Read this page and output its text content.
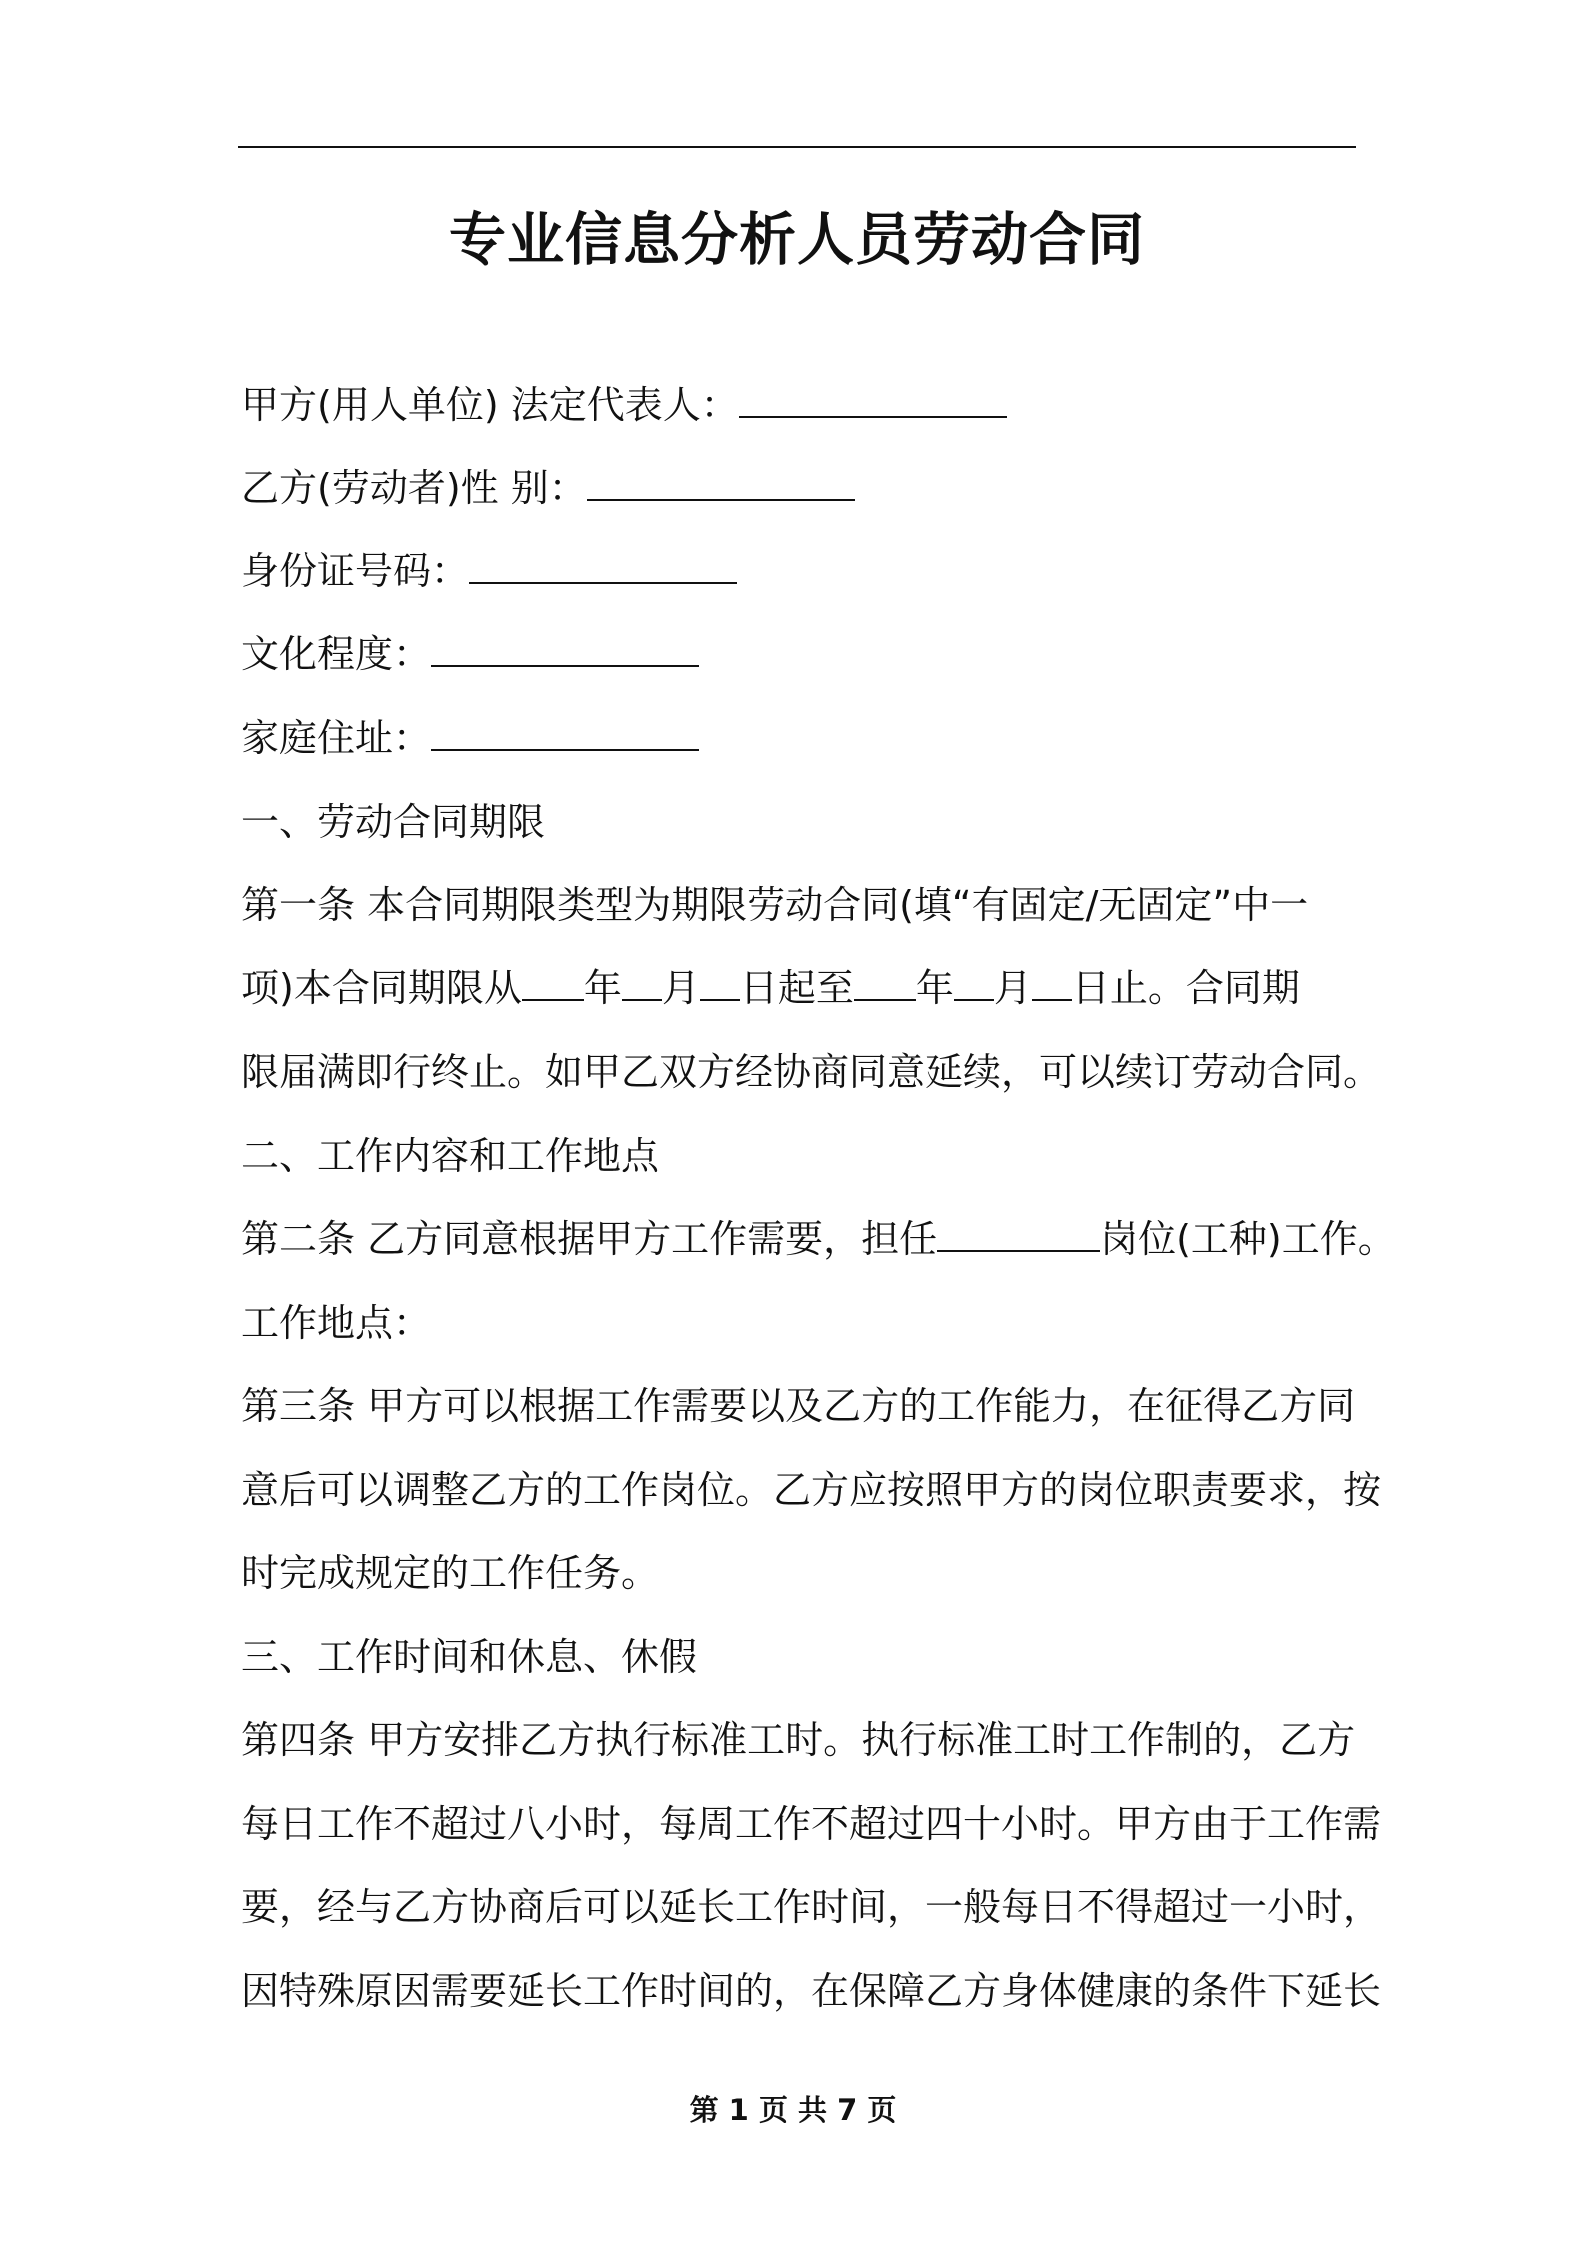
专业信息分析人员劳动合同
甲方(用人单位) 法定代表人：
乙方(劳动者)性 别：
身份证号码：
文化程度：
家庭住址：
一、劳动合同期限
第一条 本合同期限类型为期限劳动合同(填“有固定/无固定”中一
项)本合同期限从 年 月 日起至 年 月 日止。合同期
限届满即行终止。如甲乙双方经协商同意延续，可以续订劳动合同。
二、工作内容和工作地点
第二条 乙方同意根据甲方工作需要，担任	岗位(工种)工作。
工作地点：
第三条 甲方可以根据工作需要以及乙方的工作能力，在征得乙方同
意后可以调整乙方的工作岗位。乙方应按照甲方的岗位职责要求，按
时完成规定的工作任务。
三、工作时间和休息、休假
第四条 甲方安排乙方执行标准工时。执行标准工时工作制的，乙方
每日工作不超过八小时，每周工作不超过四十小时。甲方由于工作需
要，经与乙方协商后可以延长工作时间，一般每日不得超过一小时，
因特殊原因需要延长工作时间的，在保障乙方身体健康的条件下延长
第 1 页 共 7 页
